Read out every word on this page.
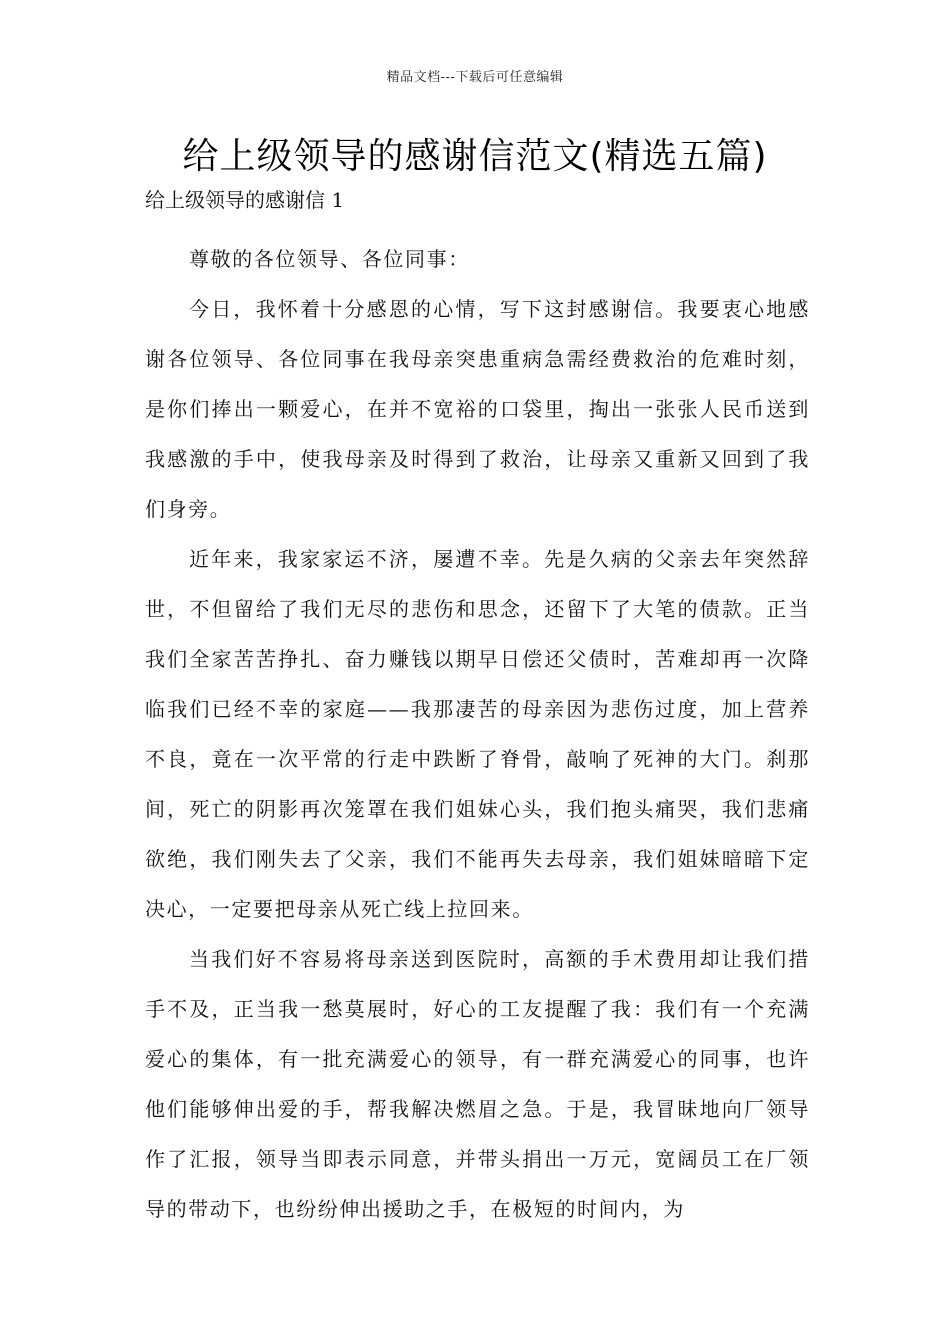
精品文档---下载后可任意编辑
给上级领导的感谢信范文(精选五篇)
给上级领导的感谢信 1

尊敬的各位领导、各位同事：

今日，我怀着十分感恩的心情，写下这封感谢信。我要衷心地感谢各位领导、各位同事在我母亲突患重病急需经费救治的危难时刻，是你们捧出一颗爱心，在并不宽裕的口袋里，掏出一张张人民币送到我感激的手中，使我母亲及时得到了救治，让母亲又重新又回到了我们身旁。

近年来，我家家运不济，屡遭不幸。先是久病的父亲去年突然辞世，不但留给了我们无尽的悲伤和思念，还留下了大笔的债款。正当我们全家苦苦挣扎、奋力赚钱以期早日偿还父债时，苦难却再一次降临我们已经不幸的家庭——我那凄苦的母亲因为悲伤过度，加上营养不良，竟在一次平常的行走中跌断了脊骨，敲响了死神的大门。刹那间，死亡的阴影再次笼罩在我们姐妹心头，我们抱头痛哭，我们悲痛欲绝，我们刚失去了父亲，我们不能再失去母亲，我们姐妹暗暗下定决心，一定要把母亲从死亡线上拉回来。

当我们好不容易将母亲送到医院时，高额的手术费用却让我们措手不及，正当我一愁莫展时，好心的工友提醒了我：我们有一个充满爱心的集体，有一批充满爱心的领导，有一群充满爱心的同事，也许他们能够伸出爱的手，帮我解决燃眉之急。于是，我冒昧地向厂领导作了汇报，领导当即表示同意，并带头捐出一万元，宽阔员工在厂领导的带动下，也纷纷伸出援助之手，在极短的时间内，为
